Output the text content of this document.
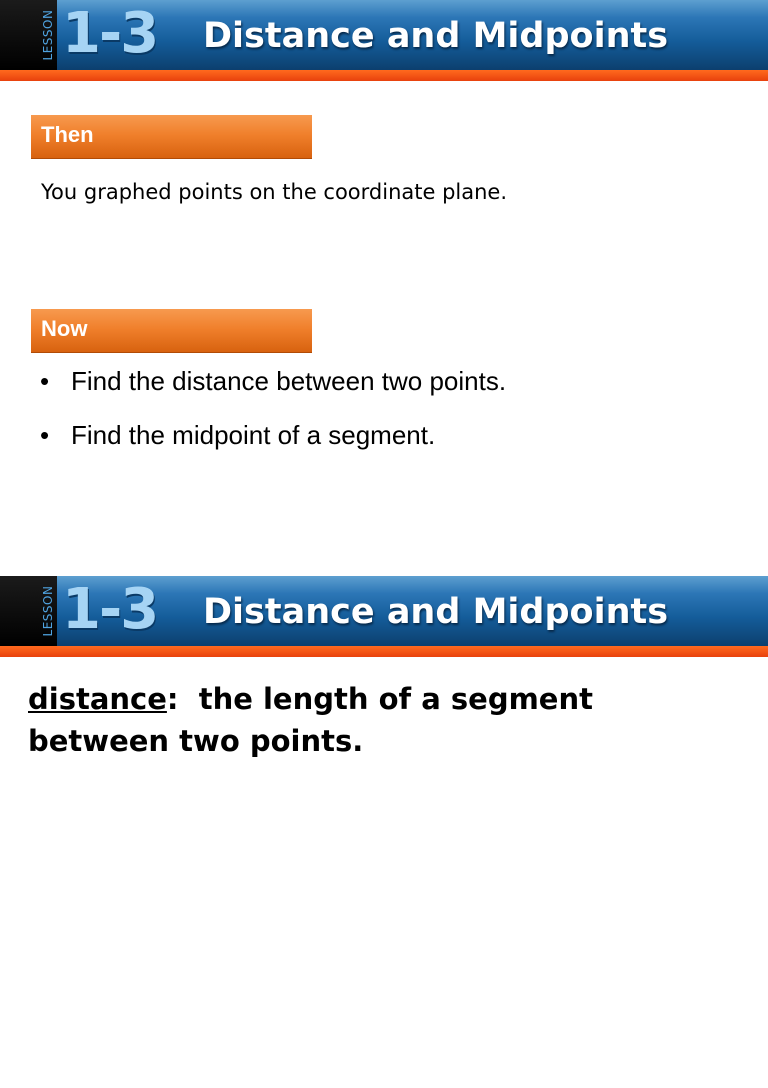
LESSON 1-3 Distance and Midpoints
Then
You graphed points on the coordinate plane.
Now
• Find the distance between two points.
• Find the midpoint of a segment.
LESSON 1-3 Distance and Midpoints
distance:  the length of a segment between two points.
